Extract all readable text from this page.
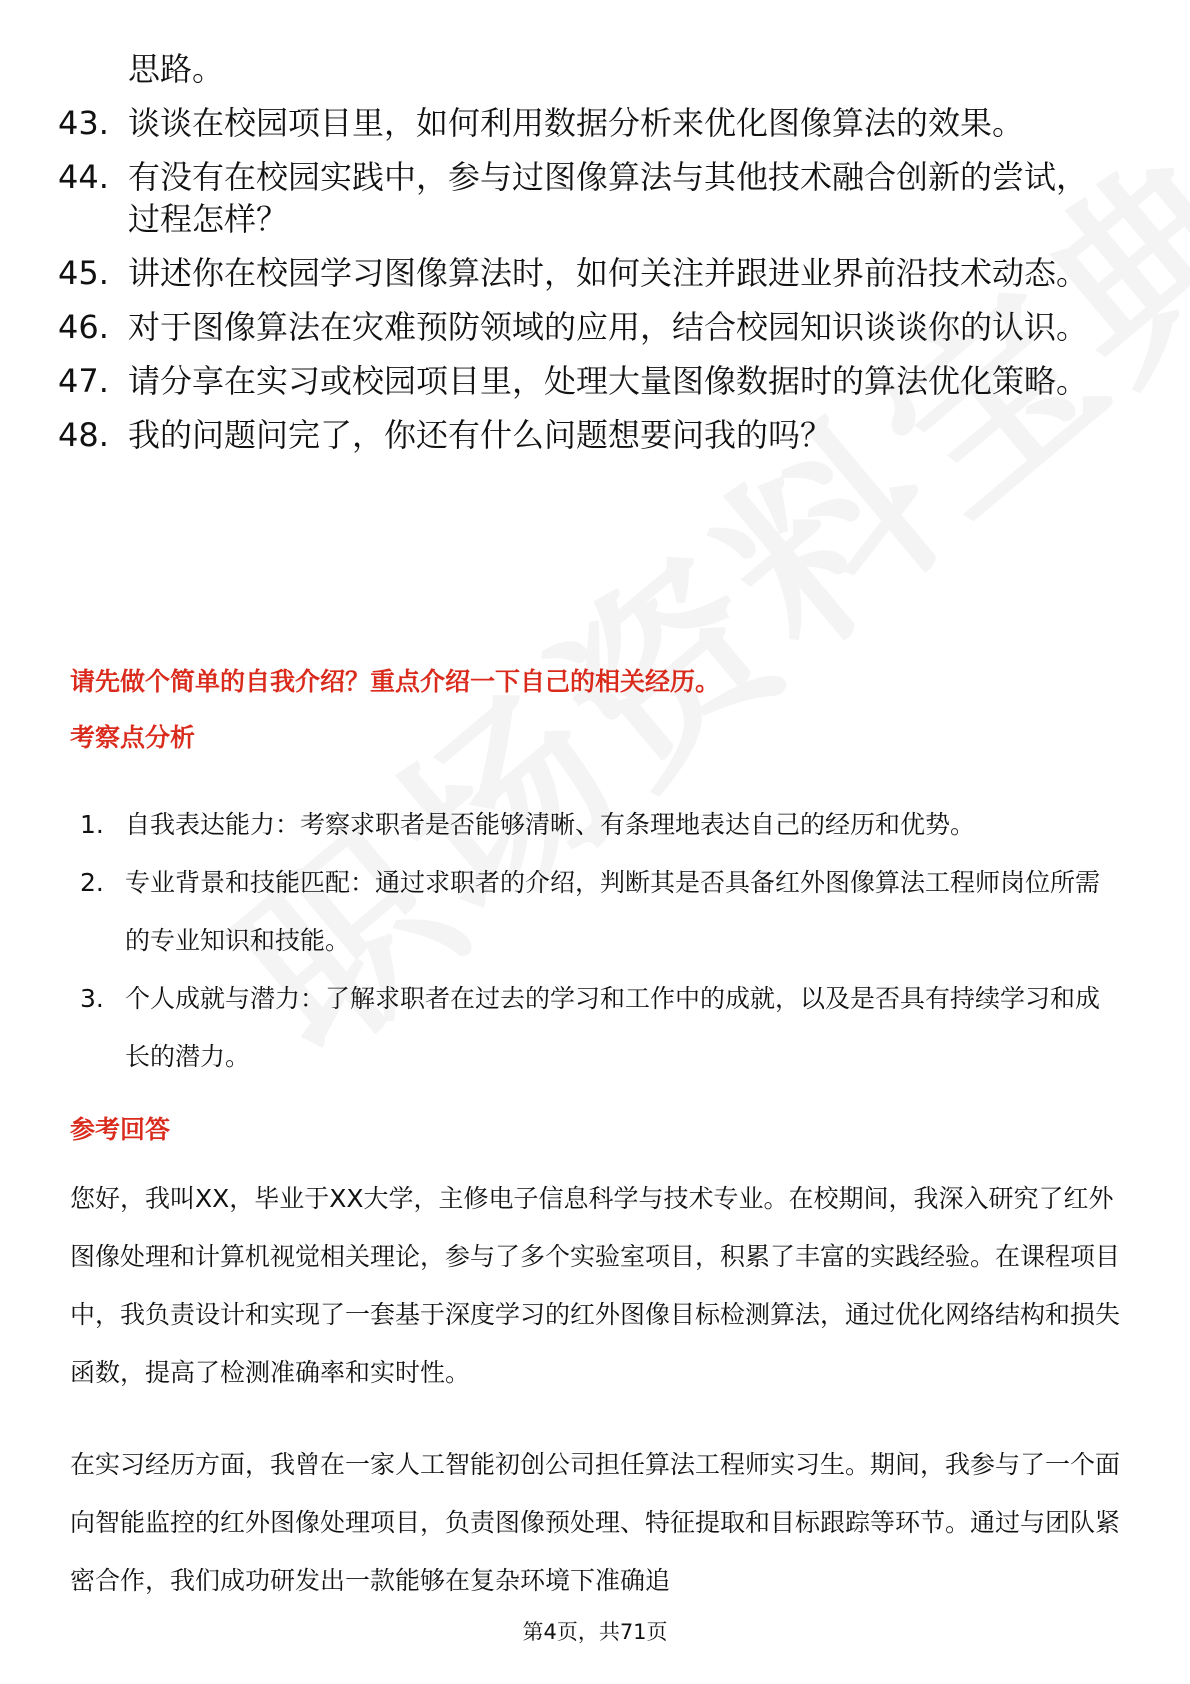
思路。
43. 谈谈在校园项目里，如何利用数据分析来优化图像算法的效果。
44. 有没有在校园实践中，参与过图像算法与其他技术融合创新的尝试，过程怎样？
45. 讲述你在校园学习图像算法时，如何关注并跟进业界前沿技术动态。
46. 对于图像算法在灾难预防领域的应用，结合校园知识谈谈你的认识。
47. 请分享在实习或校园项目里，处理大量图像数据时的算法优化策略。
48. 我的问题问完了，你还有什么问题想要问我的吗？
请先做个简单的自我介绍？重点介绍一下自己的相关经历。
考察点分析
1. 自我表达能力：考察求职者是否能够清晰、有条理地表达自己的经历和优势。
2. 专业背景和技能匹配：通过求职者的介绍，判断其是否具备红外图像算法工程师岗位所需的专业知识和技能。
3. 个人成就与潜力：了解求职者在过去的学习和工作中的成就，以及是否具有持续学习和成长的潜力。
参考回答
您好，我叫XX，毕业于XX大学，主修电子信息科学与技术专业。在校期间，我深入研究了红外图像处理和计算机视觉相关理论，参与了多个实验室项目，积累了丰富的实践经验。在课程项目中，我负责设计和实现了一套基于深度学习的红外图像目标检测算法，通过优化网络结构和损失函数，提高了检测准确率和实时性。
在实习经历方面，我曾在一家人工智能初创公司担任算法工程师实习生。期间，我参与了一个面向智能监控的红外图像处理项目，负责图像预处理、特征提取和目标跟踪等环节。通过与团队紧密合作，我们成功研发出一款能够在复杂环境下准确追
第4页，共71页
